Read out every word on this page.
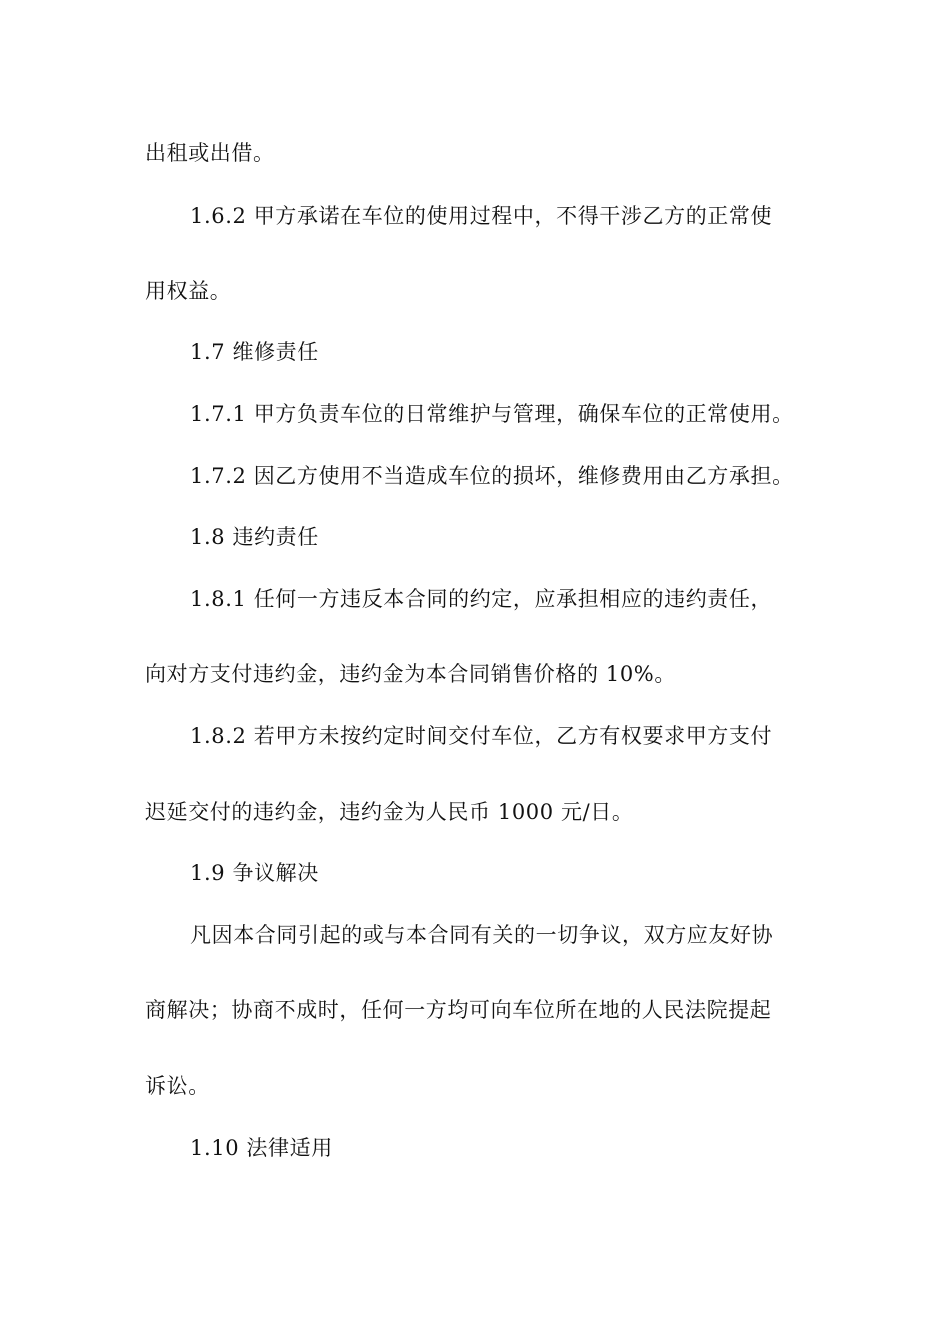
出租或出借。
1.6.2 甲方承诺在车位的使用过程中，不得干涉乙方的正常使
用权益。
1.7 维修责任
1.7.1 甲方负责车位的日常维护与管理，确保车位的正常使用。
1.7.2 因乙方使用不当造成车位的损坏，维修费用由乙方承担。
1.8 违约责任
1.8.1 任何一方违反本合同的约定，应承担相应的违约责任，
向对方支付违约金，违约金为本合同销售价格的 10%。
1.8.2 若甲方未按约定时间交付车位，乙方有权要求甲方支付
迟延交付的违约金，违约金为人民币 1000 元/日。
1.9 争议解决
凡因本合同引起的或与本合同有关的一切争议，双方应友好协
商解决；协商不成时，任何一方均可向车位所在地的人民法院提起
诉讼。
1.10 法律适用
